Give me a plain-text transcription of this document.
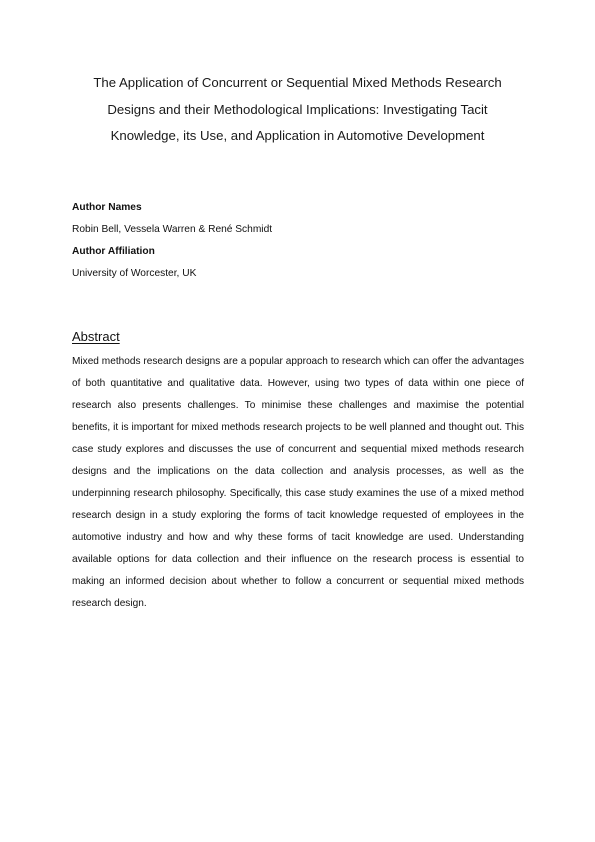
The Application of Concurrent or Sequential Mixed Methods Research
Designs and their Methodological Implications: Investigating Tacit
Knowledge, its Use, and Application in Automotive Development
Author Names
Robin Bell, Vessela Warren & René Schmidt
Author Affiliation
University of Worcester, UK
Abstract

Mixed methods research designs are a popular approach to research which can offer the advantages of both quantitative and qualitative data. However, using two types of data within one piece of research also presents challenges. To minimise these challenges and maximise the potential benefits, it is important for mixed methods research projects to be well planned and thought out. This case study explores and discusses the use of concurrent and sequential mixed methods research designs and the implications on the data collection and analysis processes, as well as the underpinning research philosophy. Specifically, this case study examines the use of a mixed method research design in a study exploring the forms of tacit knowledge requested of employees in the automotive industry and how and why these forms of tacit knowledge are used. Understanding available options for data collection and their influence on the research process is essential to making an informed decision about whether to follow a concurrent or sequential mixed methods research design.
